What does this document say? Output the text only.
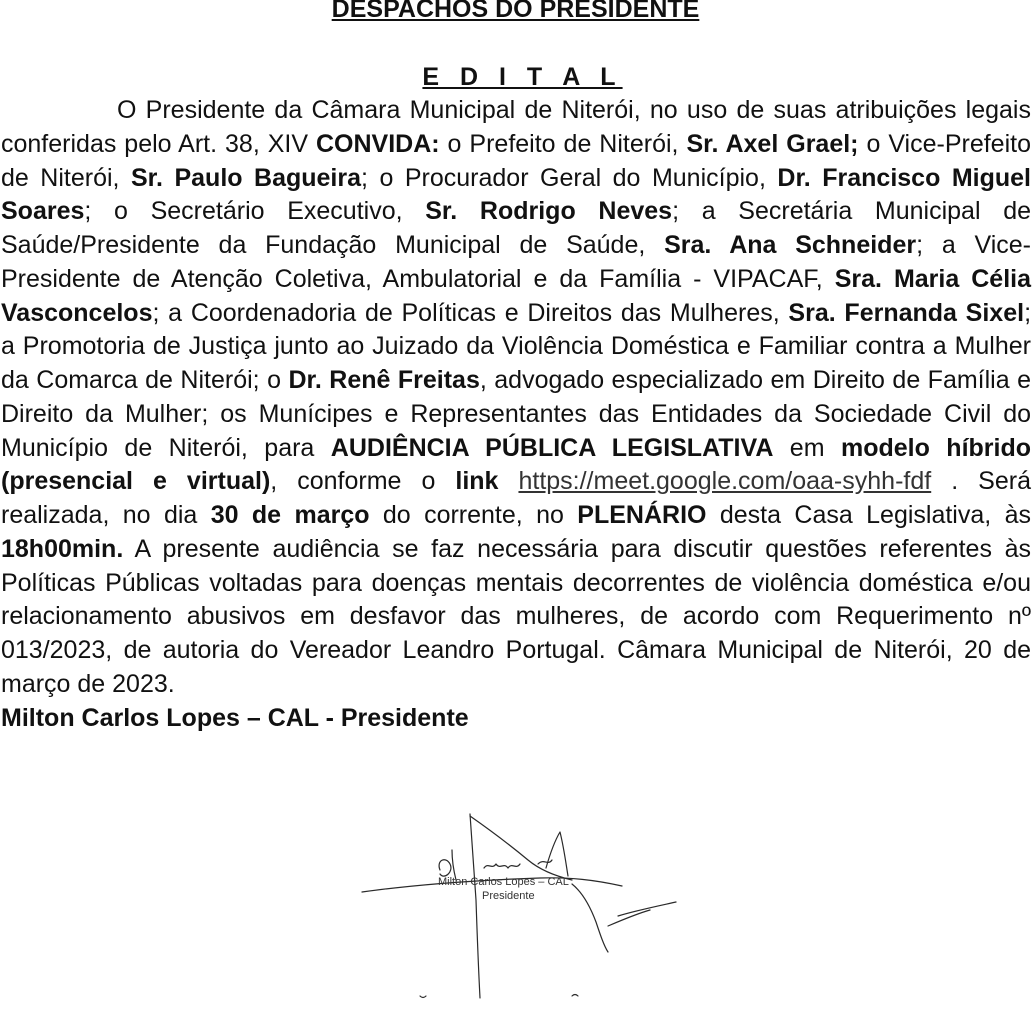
DESPACHOS DO PRESIDENTE
E D I T A L

O Presidente da Câmara Municipal de Niterói, no uso de suas atribuições legais conferidas pelo Art. 38, XIV CONVIDA: o Prefeito de Niterói, Sr. Axel Grael; o Vice-Prefeito de Niterói, Sr. Paulo Bagueira; o Procurador Geral do Município, Dr. Francisco Miguel Soares; o Secretário Executivo, Sr. Rodrigo Neves; a Secretária Municipal de Saúde/Presidente da Fundação Municipal de Saúde, Sra. Ana Schneider; a Vice-Presidente de Atenção Coletiva, Ambulatorial e da Família - VIPACAF, Sra. Maria Célia Vasconcelos; a Coordenadoria de Políticas e Direitos das Mulheres, Sra. Fernanda Sixel; a Promotoria de Justiça junto ao Juizado da Violência Doméstica e Familiar contra a Mulher da Comarca de Niterói; o Dr. Renê Freitas, advogado especializado em Direito de Família e Direito da Mulher; os Munícipes e Representantes das Entidades da Sociedade Civil do Município de Niterói, para AUDIÊNCIA PÚBLICA LEGISLATIVA em modelo híbrido (presencial e virtual), conforme o link https://meet.google.com/oaa-syhh-fdf . Será realizada, no dia 30 de março do corrente, no PLENÁRIO desta Casa Legislativa, às 18h00min. A presente audiência se faz necessária para discutir questões referentes às Políticas Públicas voltadas para doenças mentais decorrentes de violência doméstica e/ou relacionamento abusivos em desfavor das mulheres, de acordo com Requerimento nº 013/2023, de autoria do Vereador Leandro Portugal. Câmara Municipal de Niterói, 20 de março de 2023.
Milton Carlos Lopes – CAL - Presidente

Milton Carlos Lopes – CAL
Presidente
